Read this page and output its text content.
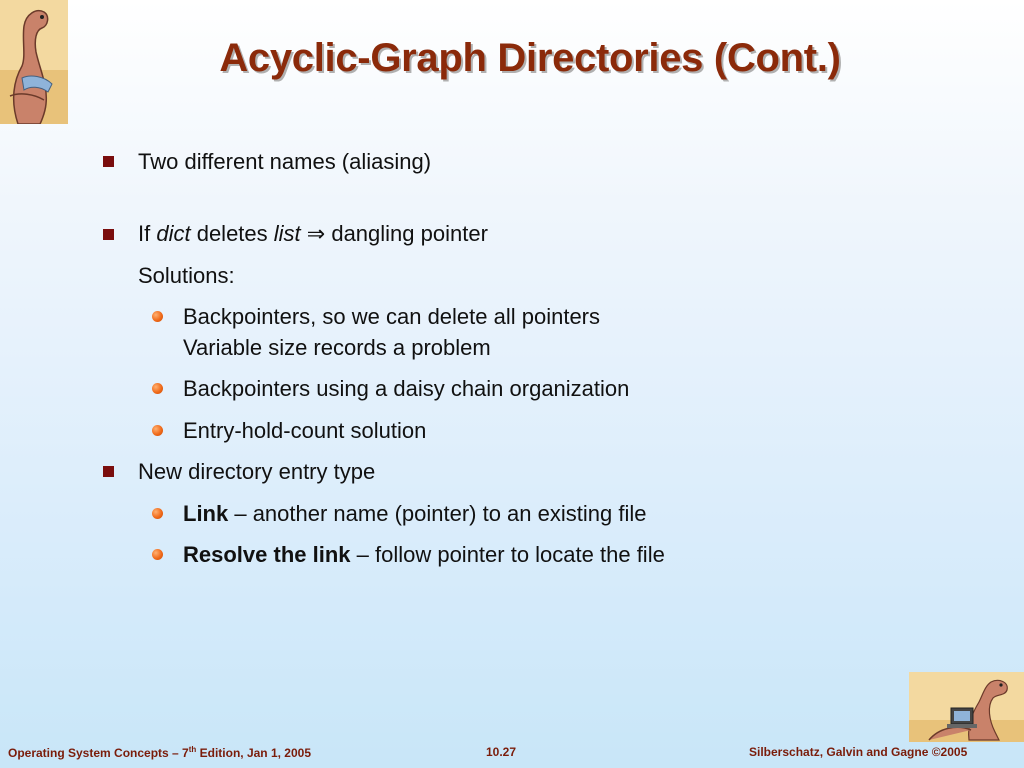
Acyclic-Graph Directories (Cont.)
Two different names (aliasing)
If dict deletes list ⇒ dangling pointer
Solutions:
Backpointers, so we can delete all pointers
Variable size records a problem
Backpointers using a daisy chain organization
Entry-hold-count solution
New directory entry type
Link – another name (pointer) to an existing file
Resolve the link – follow pointer to locate the file
Operating System Concepts – 7th Edition, Jan 1, 2005	10.27	Silberschatz, Galvin and Gagne ©2005
